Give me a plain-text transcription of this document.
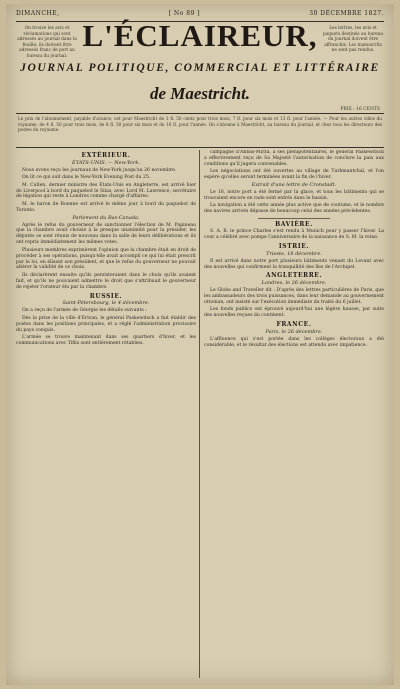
DIMANCHE,	[ No 89 ]	30 DÉCEMBRE 1827.
On trouve les avis et réclamations qui sont adressés au journal dans la feuille; ils doivent être adressés franc de port au bureau du journal.
Les lettres, les avis et paquets destinés au bureau du journal doivent être affranchis. Les manuscrits ne sont pas rendus.
L'ÉCLAIREUR,
JOURNAL POLITIQUE, COMMERCIAL ET LITTÉRAIRE
de Maestricht.
PRIX : 16 CENTS
Le prix de l'abonnement, payable d'avance, est pour Maestricht de 3 fl. 50 cents pour trois mois, 7 fl. pour six mois et 13 fl. pour l'année. — Pour les autres villes du royaume, de 4 fl. 50 pour trois mois, de 8 fl. 50 pour six mois et de 16 fl. pour l'année. On s'abonne à Maestricht, au bureau du journal, et chez tous les directeurs des postes du royaume.
EXTÉRIEUR.
ÉTATS-UNIS. — New-York.

Nous avons reçu les journaux de New-York jusqu'au 26 novembre.

On lit ce qui suit dans le New-York Evening Post du 25.

M. Cullen, dernier ministre des États-Unis en Angleterre, est arrivé hier de Liverpool à bord du paquebot le Silas, avec Lord M. Lawrence, secrétaire de légation qui reste à Londres comme chargé d'affaires.

M. le baron de Roenne est arrivé le même jour à bord du paquebot de Toronto.

Parlement du Bas-Canada.

Après le refus du gouverneur de sanctionner l'élection de M. Papineau que la chambre avait choisie à la presque unanimité pour la présider, les députés se sont réunis de nouveau dans la salle de leurs délibérations et ils ont repris immédiatement les mêmes votes.

Plusieurs membres exprimèrent l'opinion que la chambre était en droit de procéder à ses opérations, puisqu'elle avait accompli ce qui lui était prescrit par la loi, en élisant son président, et que le refus du gouverneur ne pouvait altérer la validité de ce choix.

Ils déclarèrent ensuite qu'ils persisteraient dans le choix qu'ils avaient fait, et qu'ils ne pouvaient admettre le droit que s'attribuait le gouverneur de rejeter l'orateur élu par la chambre.

RUSSIE.
Saint-Pétersbourg, le 4 décembre.

On a reçu de l'armée de Géorgie les détails suivants :

Dès la prise de la ville d'Erivan, le général Paskewitsch a fait établir des postes dans les positions principales, et a réglé l'administration provisoire du pays conquis.

L'armée se trouve maintenant dans ses quartiers d'hiver, et les communications avec Tiflis sont entièrement rétablies.

campagne d'Abbas-Mirza, à ses plénipotentiaires, le général Paskewitsch a effectivement reçu de Sa Majesté l'autorisation de conclure la paix aux conditions qu'il jugera convenables.

Les négociations ont été ouvertes au village de Turkmantchaï, et l'on espère qu'elles seront terminées avant la fin de l'hiver.

Extrait d'une lettre de Cronstadt.

Le 16, notre port a été fermé par la glace, et tous les bâtiments qui se trouvaient encore en rade sont entrés dans le bassin.

La navigation a été cette année plus active que de coutume, et le nombre des navires arrivés dépasse de beaucoup celui des années précédentes.

BAVIÈRE.

S. A. R. le prince Charles s'est rendu à Munich pour y passer l'hiver. La cour a célébré avec pompe l'anniversaire de la naissance de S. M. la reine.

ISTRIE.
Trieste, 18 décembre.

Il est arrivé dans notre port plusieurs bâtiments venant du Levant avec des nouvelles qui confirment la tranquillité des îles de l'Archipel.

ANGLETERRE.
Londres, le 26 décembre.

Le Globe and Traveller dit : D'après des lettres particulières de Paris, que les ambassadeurs des trois puissances, dans leur demande au gouvernement ottoman, ont insisté sur l'exécution immédiate du traité du 6 juillet.

Les fonds publics ont éprouvé aujourd'hui une légère hausse, par suite des nouvelles reçues du continent.

FRANCE.
Paris, le 26 décembre.

L'affluence qui s'est portée dans les colléges électoraux a été considérable, et le résultat des élections est attendu avec impatience.
